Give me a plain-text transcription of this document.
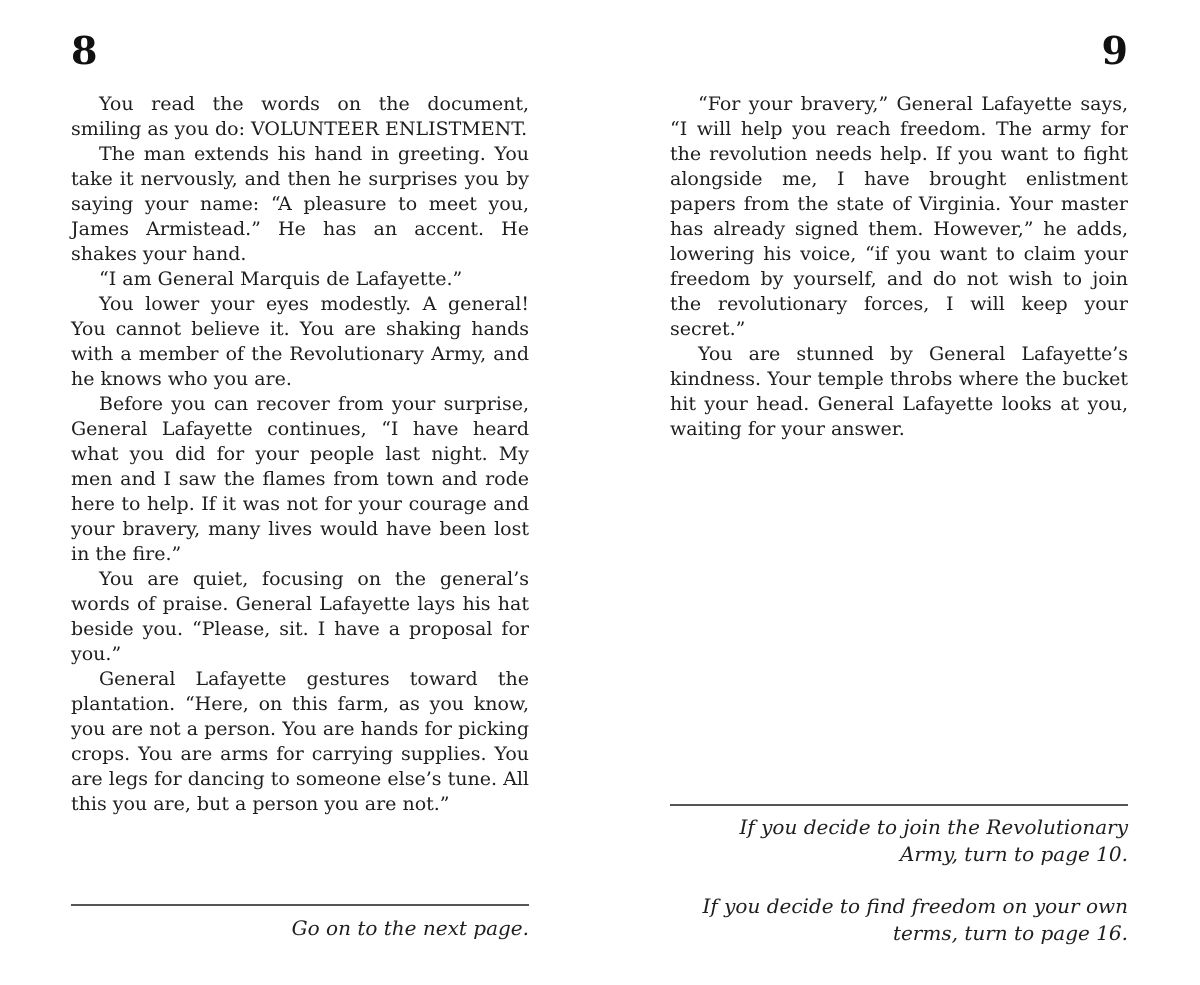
8

You read the words on the document, smiling as you do: VOLUNTEER ENLISTMENT.

The man extends his hand in greeting. You take it nervously, and then he surprises you by saying your name: “A pleasure to meet you, James Armistead.” He has an accent. He shakes your hand.

“I am General Marquis de Lafayette.”

You lower your eyes modestly. A general! You cannot believe it. You are shaking hands with a member of the Revolutionary Army, and he knows who you are.

Before you can recover from your surprise, General Lafayette continues, “I have heard what you did for your people last night. My men and I saw the flames from town and rode here to help. If it was not for your courage and your bravery, many lives would have been lost in the fire.”

You are quiet, focusing on the general’s words of praise. General Lafayette lays his hat beside you. “Please, sit. I have a proposal for you.”

General Lafayette gestures toward the plantation. “Here, on this farm, as you know, you are not a person. You are hands for picking crops. You are arms for carrying supplies. You are legs for dancing to someone else’s tune. All this you are, but a person you are not.”

Go on to the next page.
9

“For your bravery,” General Lafayette says, “I will help you reach freedom. The army for the revolution needs help. If you want to fight alongside me, I have brought enlistment papers from the state of Virginia. Your master has already signed them. However,” he adds, lowering his voice, “if you want to claim your freedom by yourself, and do not wish to join the revolutionary forces, I will keep your secret.”

You are stunned by General Lafayette’s kindness. Your temple throbs where the bucket hit your head. General Lafayette looks at you, waiting for your answer.

If you decide to join the Revolutionary Army, turn to page 10.

If you decide to find freedom on your own terms, turn to page 16.
